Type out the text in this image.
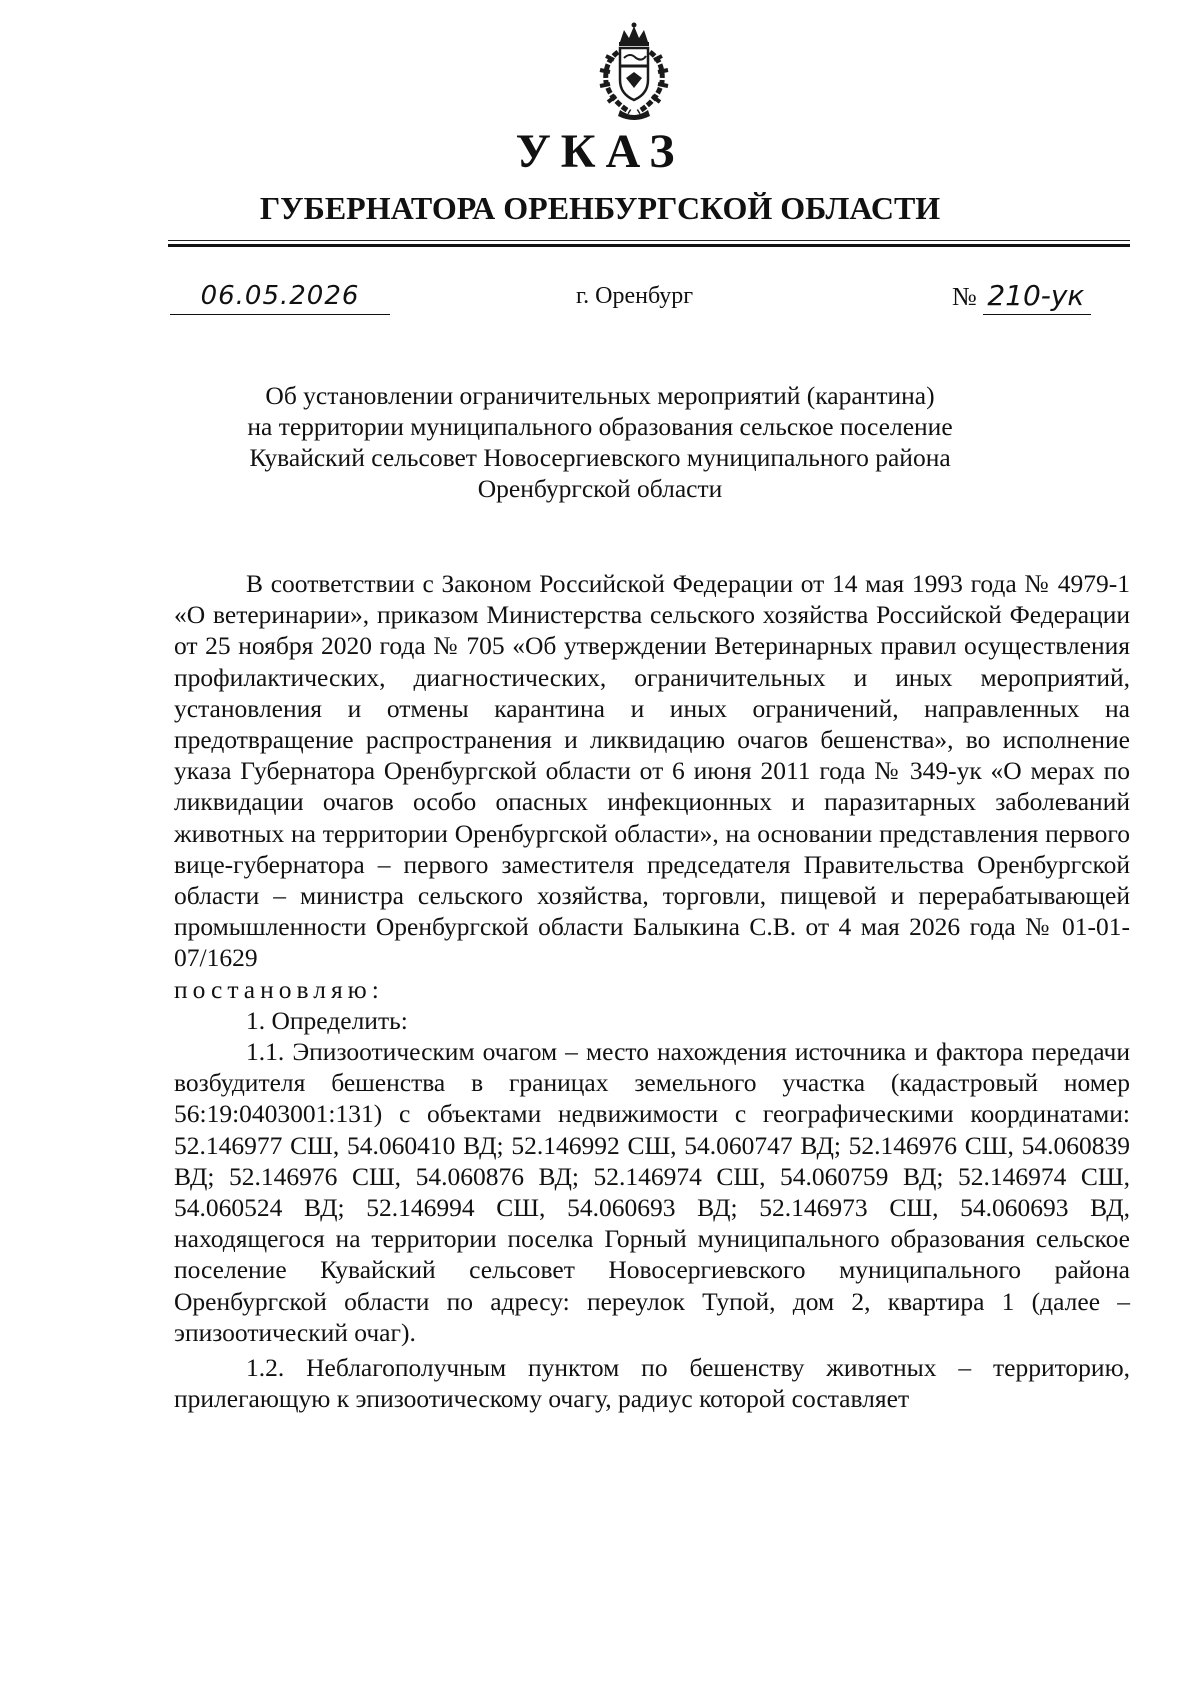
УКАЗ
ГУБЕРНАТОРА ОРЕНБУРГСКОЙ ОБЛАСТИ
06.05.2026	г. Оренбург	№ 210-ук
Об установлении ограничительных мероприятий (карантина)
на территории муниципального образования сельское поселение
Кувайский сельсовет Новосергиевского муниципального района
Оренбургской области

В соответствии с Законом Российской Федерации от 14 мая 1993 года № 4979-1 «О ветеринарии», приказом Министерства сельского хозяйства Российской Федерации от 25 ноября 2020 года № 705 «Об утверждении Ветеринарных правил осуществления профилактических, диагностических, ограничительных и иных мероприятий, установления и отмены карантина и иных ограничений, направленных на предотвращение распространения и ликвидацию очагов бешенства», во исполнение указа Губернатора Оренбургской области от 6 июня 2011 года № 349-ук «О мерах по ликвидации очагов особо опасных инфекционных и паразитарных заболеваний животных на территории Оренбургской области», на основании представления первого вице-губернатора – первого заместителя председателя Правительства Оренбургской области – министра сельского хозяйства, торговли, пищевой и перерабатывающей промышленности Оренбургской области Балыкина С.В. от 4 мая 2026 года № 01-01-07/1629

постановляю:

1. Определить:

1.1. Эпизоотическим очагом – место нахождения источника и фактора передачи возбудителя бешенства в границах земельного участка (кадастровый номер 56:19:0403001:131) с объектами недвижимости с географическими координатами: 52.146977 СШ, 54.060410 ВД; 52.146992 СШ, 54.060747 ВД; 52.146976 СШ, 54.060839 ВД; 52.146976 СШ, 54.060876 ВД; 52.146974 СШ, 54.060759 ВД; 52.146974 СШ, 54.060524 ВД; 52.146994 СШ, 54.060693 ВД; 52.146973 СШ, 54.060693 ВД, находящегося на территории поселка Горный муниципального образования сельское поселение Кувайский сельсовет Новосергиевского муниципального района Оренбургской области по адресу: переулок Тупой, дом 2, квартира 1 (далее – эпизоотический очаг).

1.2. Неблагополучным пунктом по бешенству животных – территорию, прилегающую к эпизоотическому очагу, радиус которой составляет
